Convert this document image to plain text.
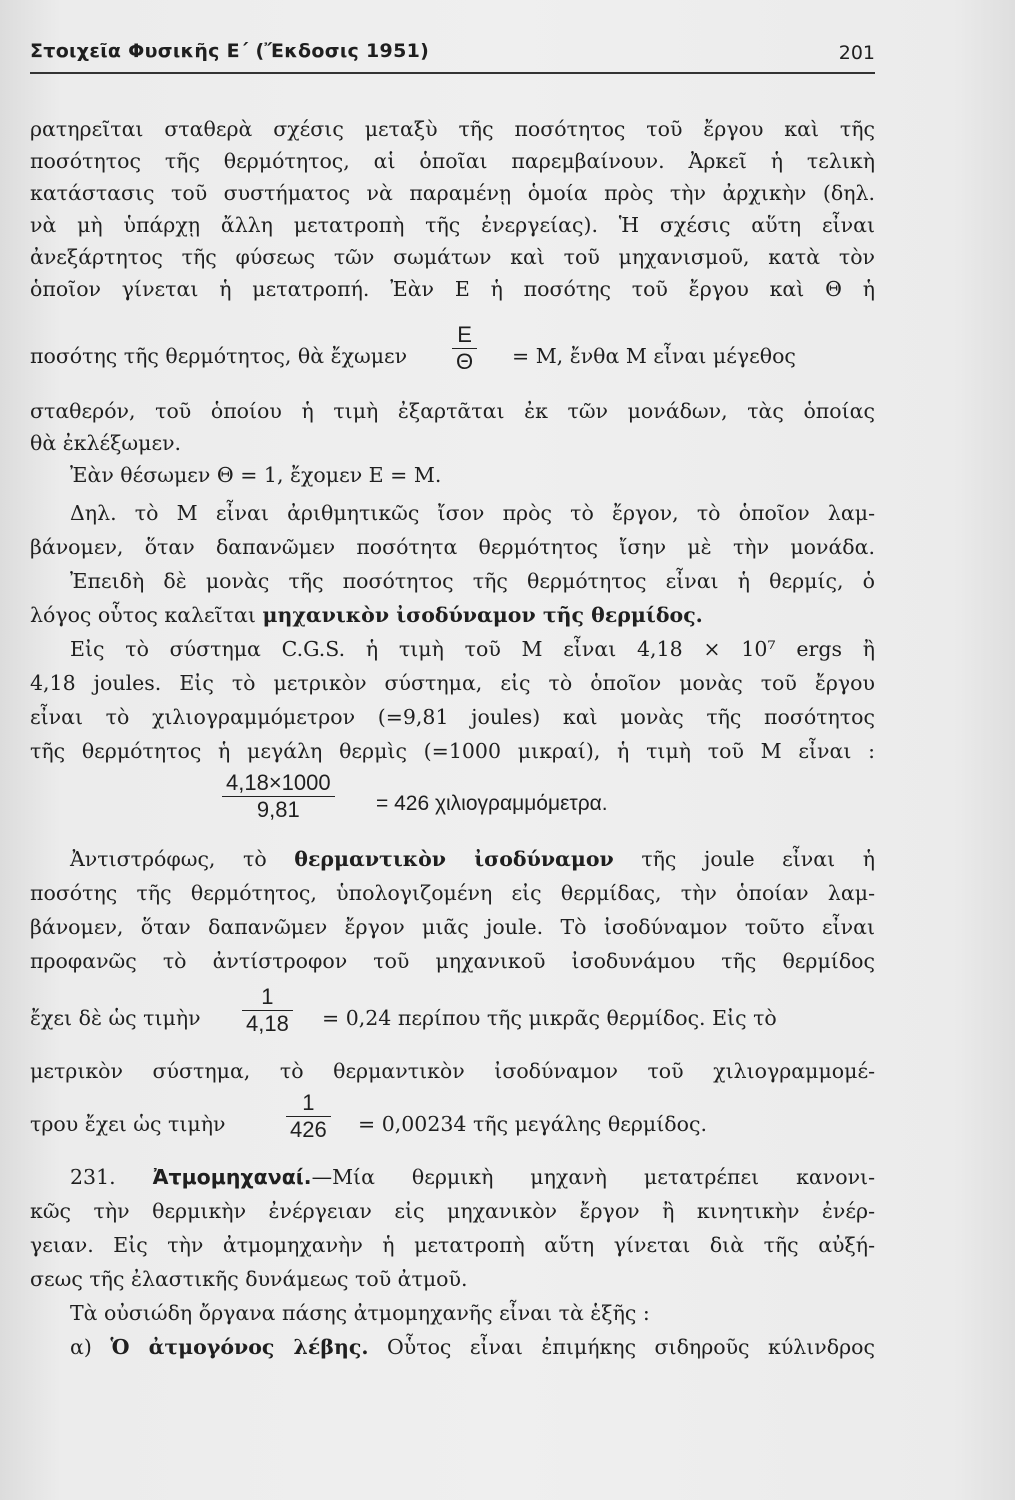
Στοιχεῖα Φυσικῆς Ε΄ (Ἔκδοσις 1951)	201
ρατηρεῖται σταθερὰ σχέσις μεταξὺ τῆς ποσότητος τοῦ ἔργου καὶ τῆς
ποσότητος τῆς θερμότητος, αἱ ὁποῖαι παρεμβαίνουν. Ἀρκεῖ ἡ τελικὴ
κατάστασις τοῦ συστήματος νὰ παραμένῃ ὁμοία πρὸς τὴν ἀρχικὴν (δηλ.
νὰ μὴ ὑπάρχῃ ἄλλη μετατροπὴ τῆς ἐνεργείας). Ἡ σχέσις αὕτη εἶναι
ἀνεξάρτητος τῆς φύσεως τῶν σωμάτων καὶ τοῦ μηχανισμοῦ, κατὰ τὸν
ὁποῖον γίνεται ἡ μετατροπή. Ἐὰν Ε ἡ ποσότης τοῦ ἔργου καὶ Θ ἡ
ποσότης τῆς θερμότητος, θὰ ἔχωμεν $\frac{E}{\Theta} = M$, ἔνθα M εἶναι μέγεθος
σταθερόν, τοῦ ὁποίου ἡ τιμὴ ἐξαρτᾶται ἐκ τῶν μονάδων, τὰς ὁποίας
θὰ ἐκλέξωμεν.
Ἐὰν θέσωμεν Θ = 1, ἔχομεν Ε = M.
Δηλ. τὸ Μ εἶναι ἀριθμητικῶς ἴσον πρὸς τὸ ἔργον, τὸ ὁποῖον λαμ-
βάνομεν, ὅταν δαπανῶμεν ποσότητα θερμότητος ἴσην μὲ τὴν μονάδα.
Ἐπειδὴ δὲ μονὰς τῆς ποσότητος τῆς θερμότητος εἶναι ἡ θερμίς, ὁ
λόγος οὗτος καλεῖται μηχανικὸν ἰσοδύναμον τῆς θερμίδος.
Εἰς τὸ σύστημα C.G.S. ἡ τιμὴ τοῦ Μ εἶναι 4,18 × 10⁷ ergs ἢ
4,18 joules. Εἰς τὸ μετρικὸν σύστημα, εἰς τὸ ὁποῖον μονὰς τοῦ ἔργου
εἶναι τὸ χιλιογραμμόμετρον (=9,81 joules) καὶ μονὰς τῆς ποσότητος
τῆς θερμότητος ἡ μεγάλη θερμὶς (=1000 μικραί), ἡ τιμὴ τοῦ Μ εἶναι :
$\frac{4,18\times 1000}{9,81} = 426$ χιλιογραμμόμετρα.
Ἀντιστρόφως, τὸ θερμαντικὸν ἰσοδύναμον τῆς joule εἶναι ἡ
ποσότης τῆς θερμότητος, ὑπολογιζομένη εἰς θερμίδας, τὴν ὁποίαν λαμ-
βάνομεν, ὅταν δαπανῶμεν ἔργον μιᾶς joule. Τὸ ἰσοδύναμον τοῦτο εἶναι
προφανῶς τὸ ἀντίστροφον τοῦ μηχανικοῦ ἰσοδυνάμου τῆς θερμίδος
ἔχει δὲ ὡς τιμὴν $\frac{1}{4,18} = 0,24$ περίπου τῆς μικρᾶς θερμίδος. Εἰς τὸ
μετρικὸν σύστημα, τὸ θερμαντικὸν ἰσοδύναμον τοῦ χιλιογραμμομέ-
τρου ἔχει ὡς τιμὴν	$\frac{1}{426} = 0,00234$ τῆς μεγάλης θερμίδος.
231. Ἀτμομηχαναί.—Μία θερμικὴ μηχανὴ μετατρέπει κανονι-
κῶς τὴν θερμικὴν ἐνέργειαν εἰς μηχανικὸν ἔργον ἢ κινητικὴν ἐνέρ-
γειαν. Εἰς τὴν ἀτμομηχανὴν ἡ μετατροπὴ αὕτη γίνεται διὰ τῆς αὐξή-
σεως τῆς ἐλαστικῆς δυνάμεως τοῦ ἀτμοῦ.
Τὰ οὐσιώδη ὄργανα πάσης ἀτμομηχανῆς εἶναι τὰ ἑξῆς :
α) Ὁ ἀτμογόνος λέβης. Οὗτος εἶναι ἐπιμήκης σιδηροῦς κύλινδρος
